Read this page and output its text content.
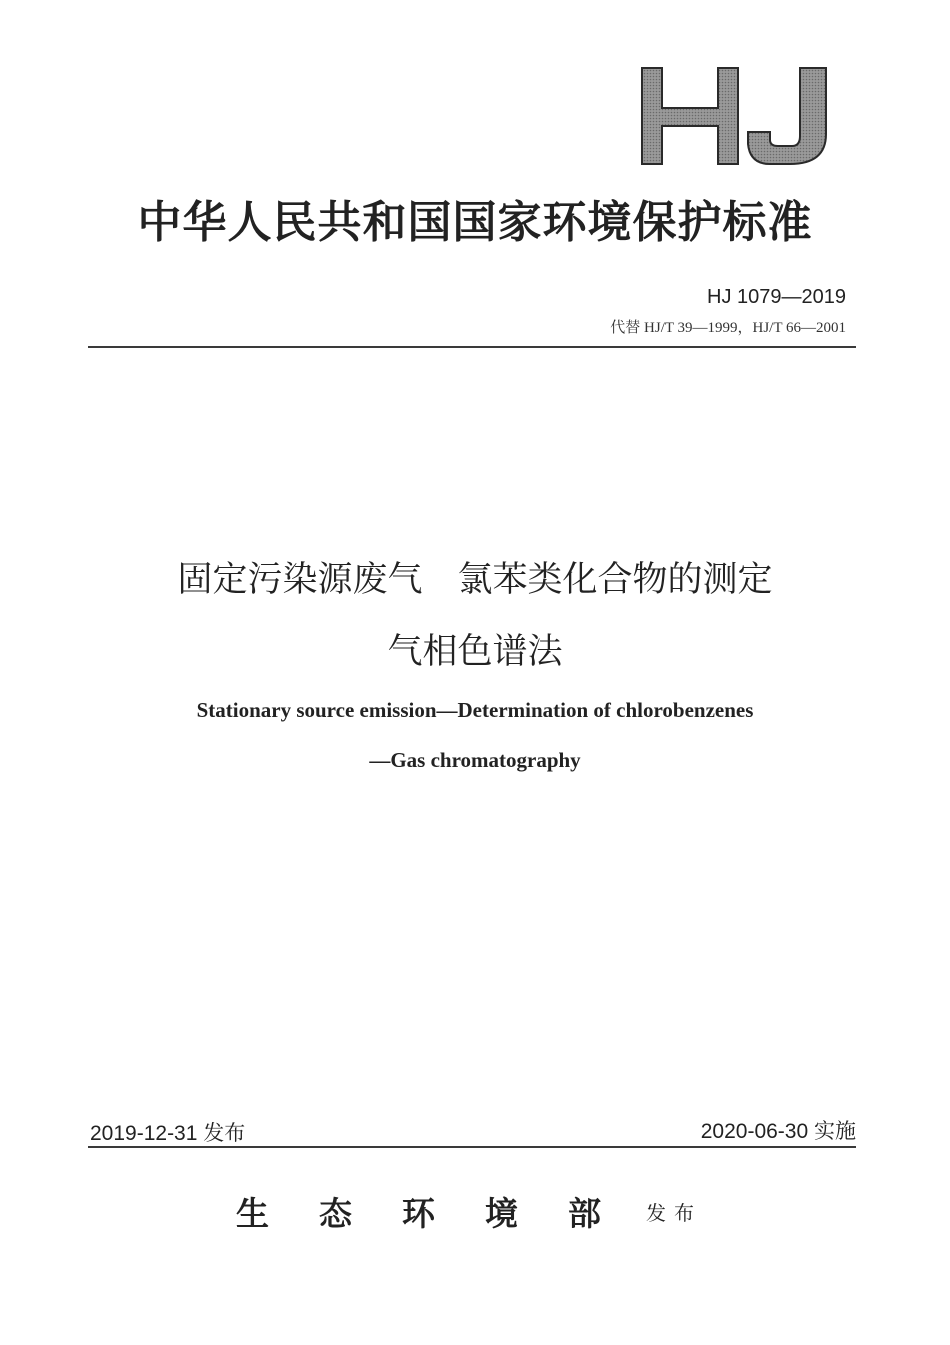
中华人民共和国国家环境保护标准
HJ 1079—2019
代替 HJ/T 39—1999，HJ/T 66—2001
固定污染源废气　氯苯类化合物的测定
气相色谱法
Stationary source emission—Determination of chlorobenzenes
—Gas chromatography
2019-12-31 发布	2020-06-30 实施
生态环境部
发布
